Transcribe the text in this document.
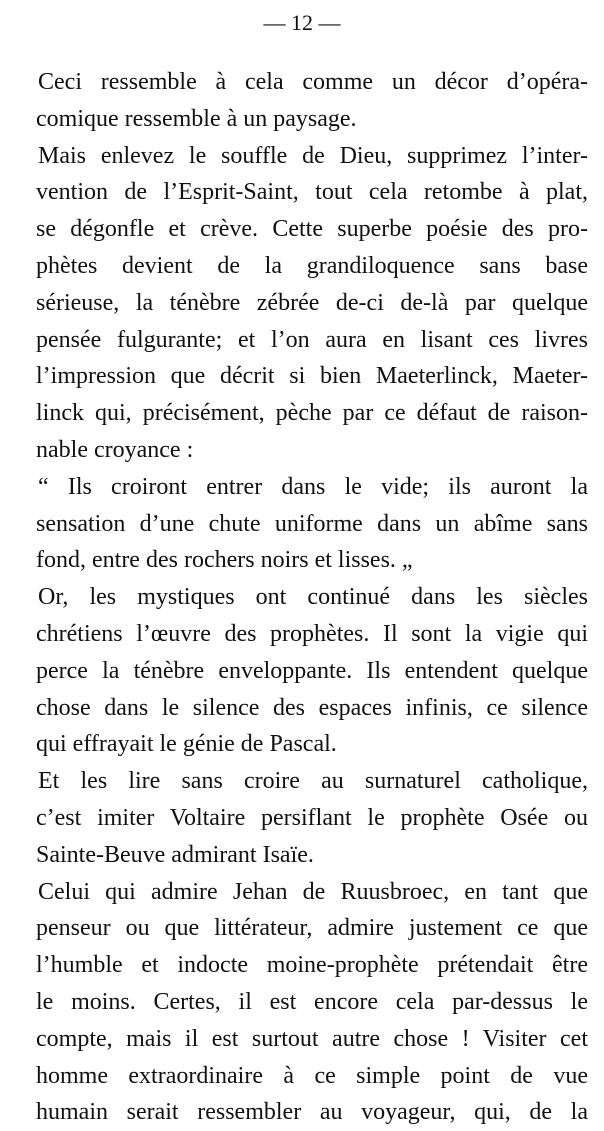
— 12 —
Ceci ressemble à cela comme un décor d’opéra-
comique ressemble à un paysage.
Mais enlevez le souffle de Dieu, supprimez l’inter-
vention de l’Esprit-Saint, tout cela retombe à plat,
se dégonfle et crève. Cette superbe poésie des pro-
phètes devient de la grandiloquence sans base
sérieuse, la ténèbre zébrée de-ci de-là par quelque
pensée fulgurante; et l’on aura en lisant ces livres
l’impression que décrit si bien Maeterlinck, Maeter-
linck qui, précisément, pèche par ce défaut de raison-
nable croyance :
“ Ils croiront entrer dans le vide; ils auront la
sensation d’une chute uniforme dans un abîme sans
fond, entre des rochers noirs et lisses. „
Or, les mystiques ont continué dans les siècles
chrétiens l’œuvre des prophètes. Il sont la vigie qui
perce la ténèbre enveloppante. Ils entendent quelque
chose dans le silence des espaces infinis, ce silence
qui effrayait le génie de Pascal.
Et les lire sans croire au surnaturel catholique,
c’est imiter Voltaire persiflant le prophète Osée ou
Sainte-Beuve admirant Isaïe.
Celui qui admire Jehan de Ruusbroec, en tant que
penseur ou que littérateur, admire justement ce que
l’humble et indocte moine-prophète prétendait être
le moins. Certes, il est encore cela par-dessus le
compte, mais il est surtout autre chose ! Visiter cet
homme extraordinaire à ce simple point de vue
humain serait ressembler au voyageur, qui, de la
